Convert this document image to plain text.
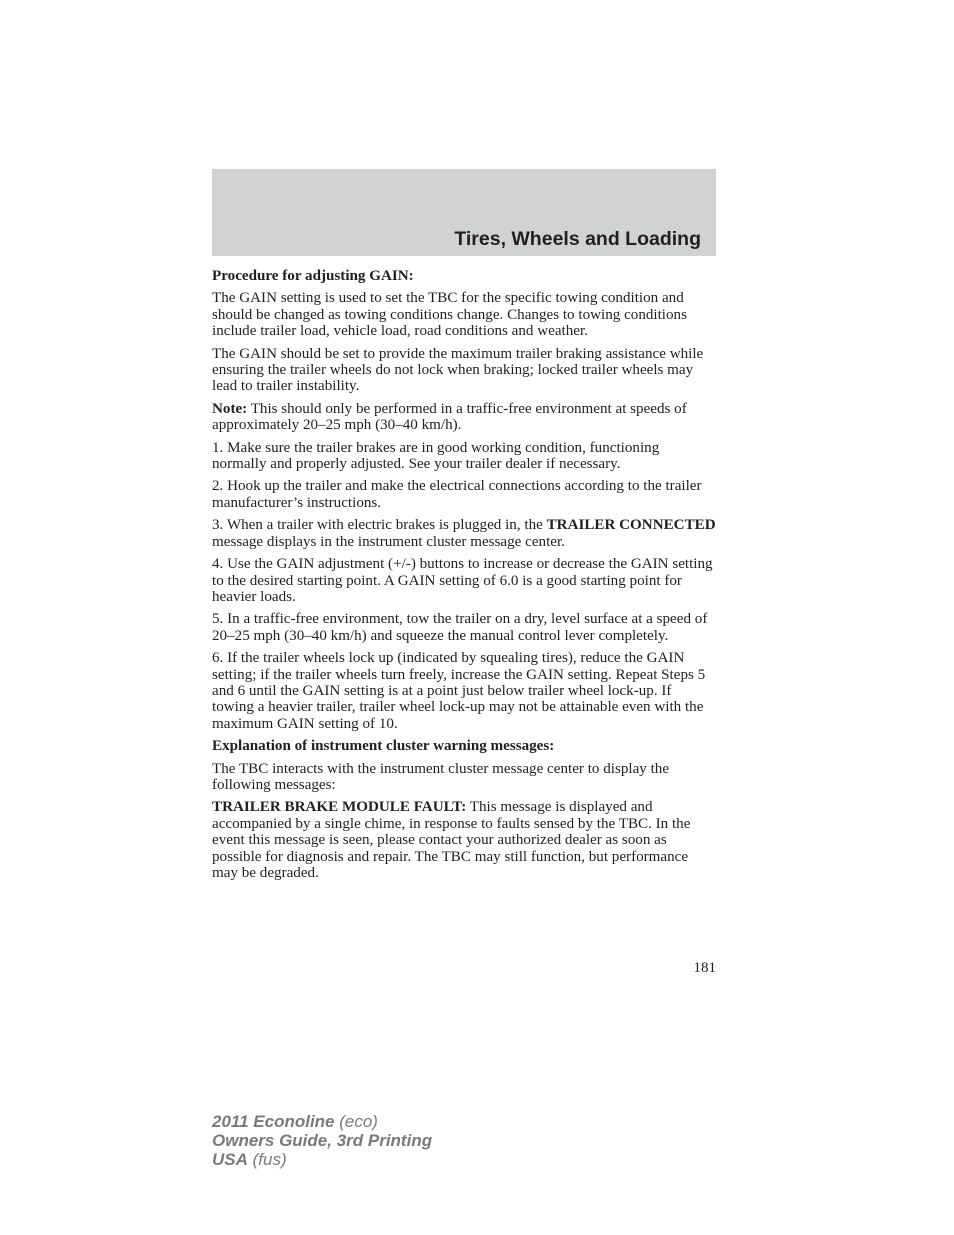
Tires, Wheels and Loading

Procedure for adjusting GAIN:

The GAIN setting is used to set the TBC for the specific towing condition and should be changed as towing conditions change. Changes to towing conditions include trailer load, vehicle load, road conditions and weather.

The GAIN should be set to provide the maximum trailer braking assistance while ensuring the trailer wheels do not lock when braking; locked trailer wheels may lead to trailer instability.

Note: This should only be performed in a traffic-free environment at speeds of approximately 20–25 mph (30–40 km/h).

1. Make sure the trailer brakes are in good working condition, functioning normally and properly adjusted. See your trailer dealer if necessary.

2. Hook up the trailer and make the electrical connections according to the trailer manufacturer’s instructions.

3. When a trailer with electric brakes is plugged in, the TRAILER CONNECTED message displays in the instrument cluster message center.

4. Use the GAIN adjustment (+/-) buttons to increase or decrease the GAIN setting to the desired starting point. A GAIN setting of 6.0 is a good starting point for heavier loads.

5. In a traffic-free environment, tow the trailer on a dry, level surface at a speed of 20–25 mph (30–40 km/h) and squeeze the manual control lever completely.

6. If the trailer wheels lock up (indicated by squealing tires), reduce the GAIN setting; if the trailer wheels turn freely, increase the GAIN setting. Repeat Steps 5 and 6 until the GAIN setting is at a point just below trailer wheel lock-up. If towing a heavier trailer, trailer wheel lock-up may not be attainable even with the maximum GAIN setting of 10.

Explanation of instrument cluster warning messages:

The TBC interacts with the instrument cluster message center to display the following messages:

TRAILER BRAKE MODULE FAULT: This message is displayed and accompanied by a single chime, in response to faults sensed by the TBC. In the event this message is seen, please contact your authorized dealer as soon as possible for diagnosis and repair. The TBC may still function, but performance may be degraded.

181
2011 Econoline (eco)
Owners Guide, 3rd Printing
USA (fus)
